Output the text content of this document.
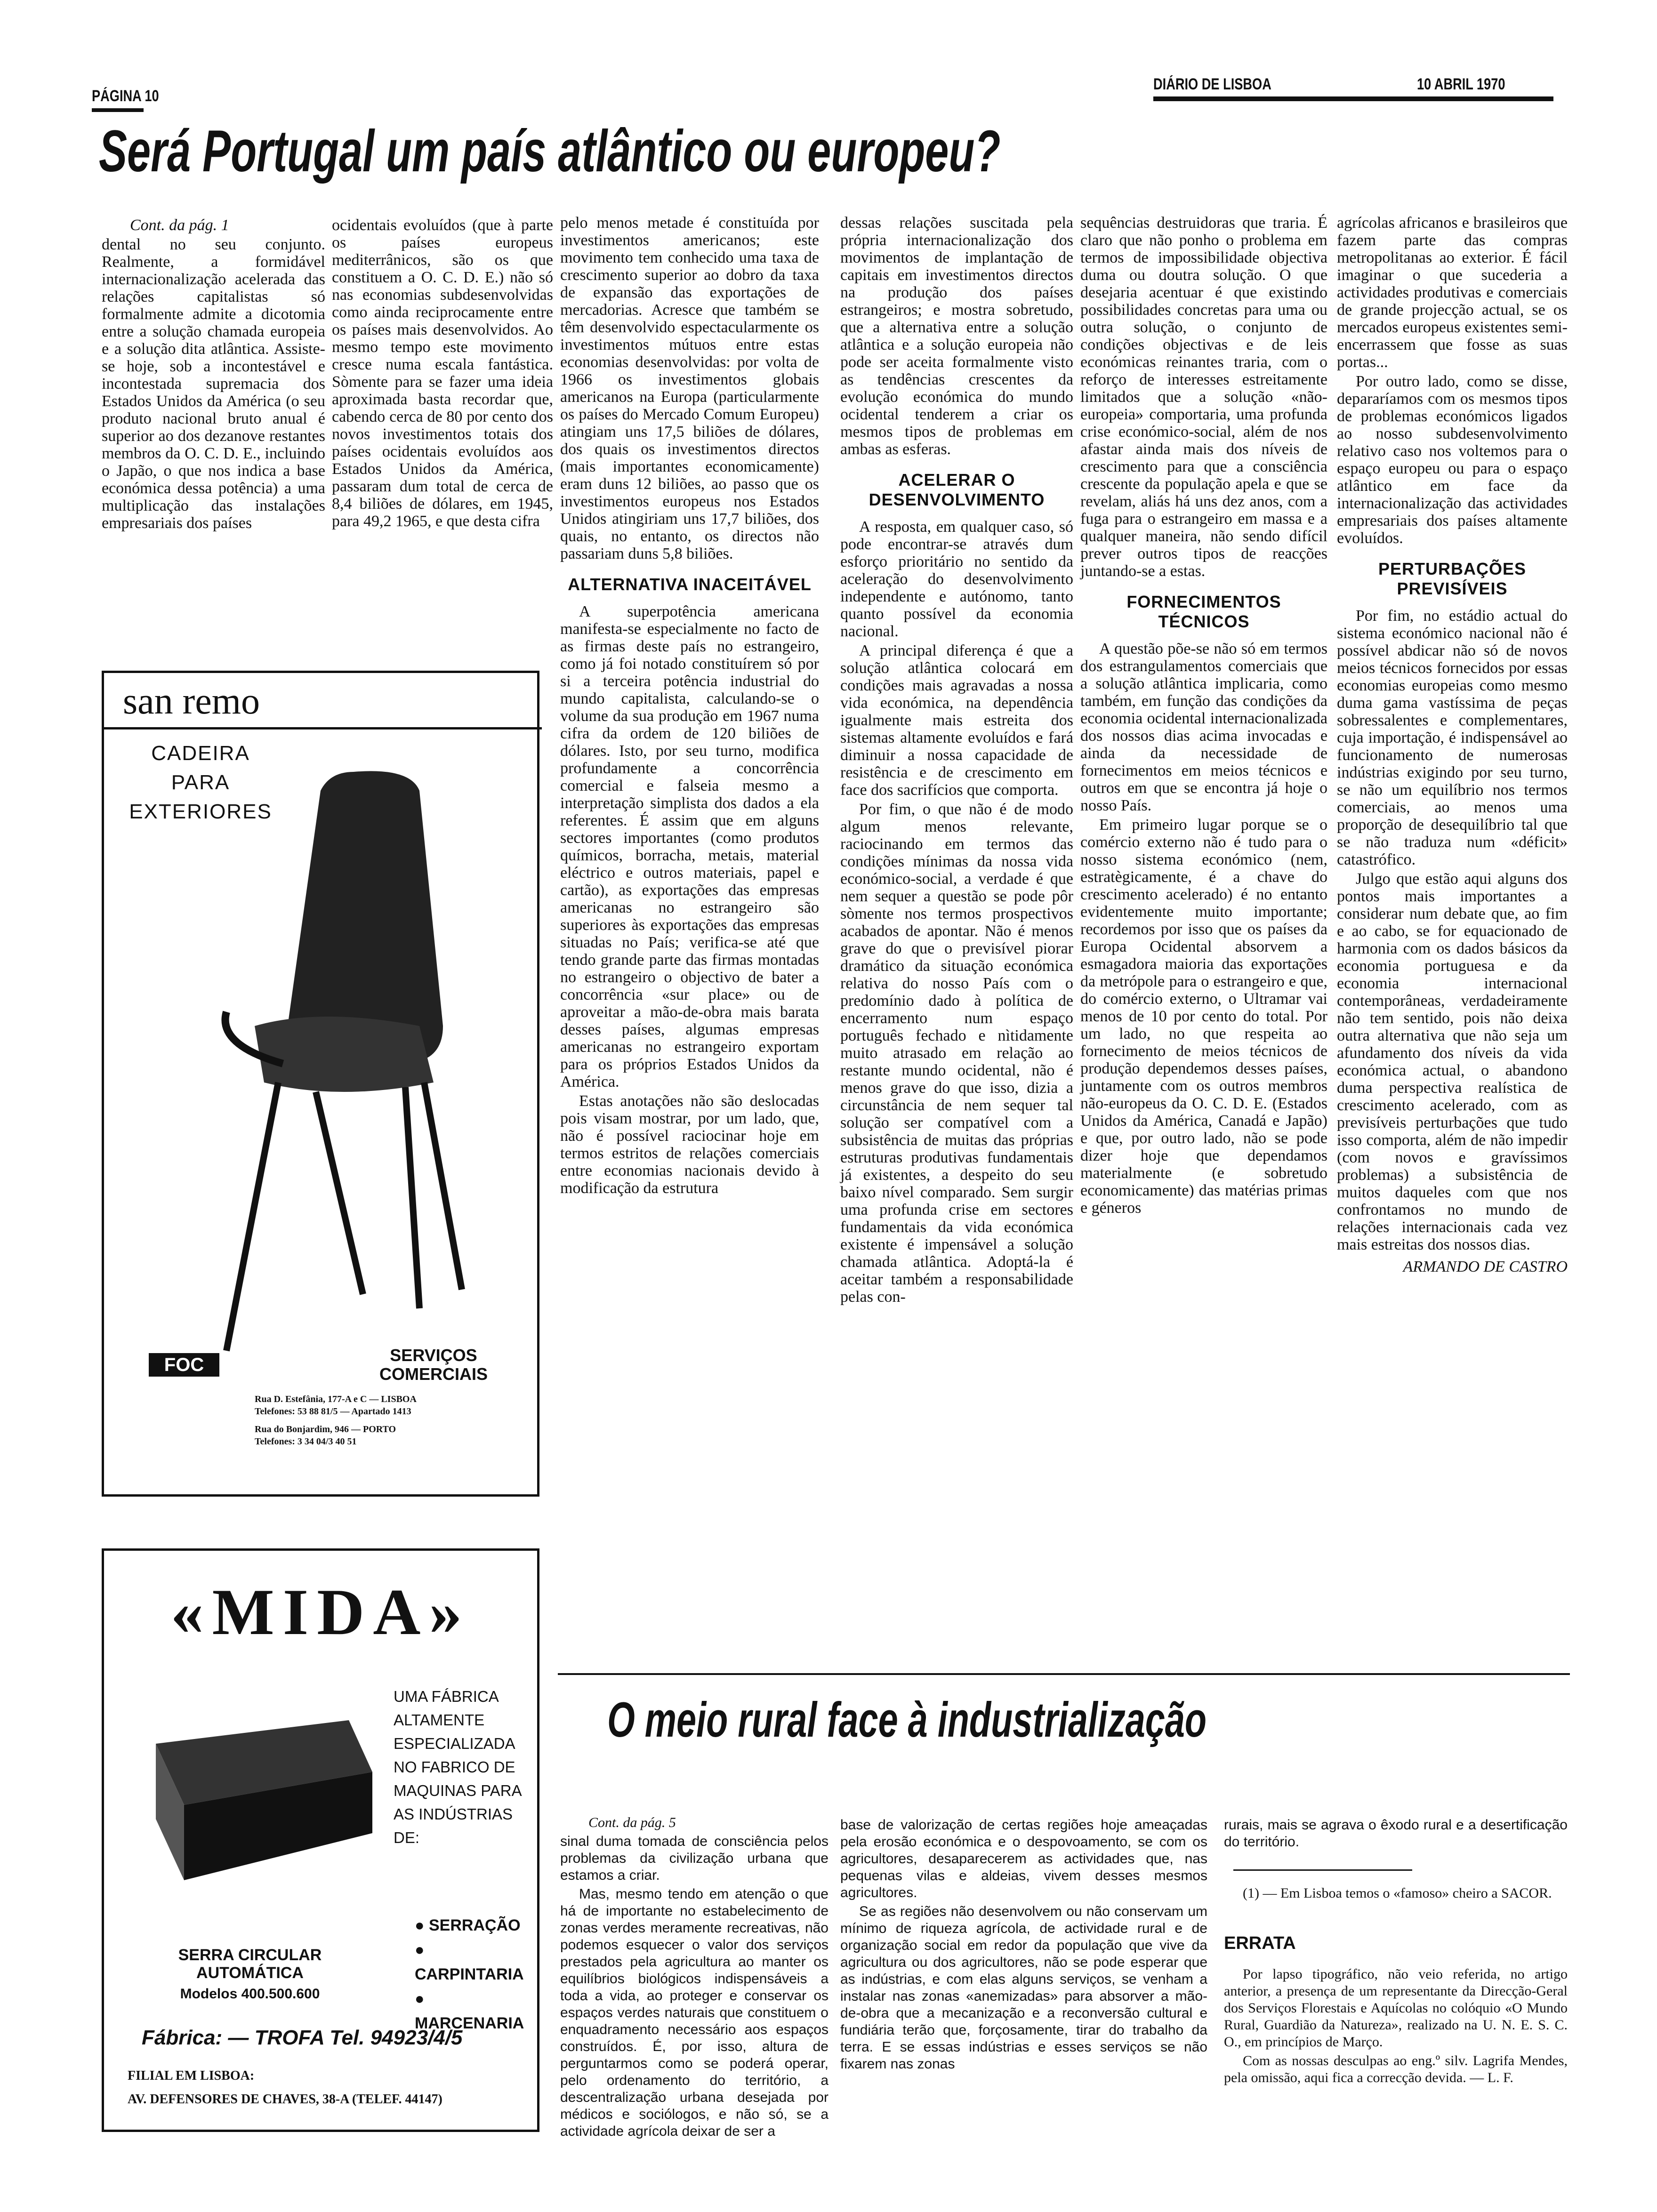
PÁGINA 10
DIÁRIO DE LISBOA	10 ABRIL 1970
Será Portugal um país atlântico ou europeu?

Cont. da pág. 1

dental no seu conjunto. Realmente, a formidável internacionalização acelerada das relações capitalistas só formalmente admite a dicotomia entre a solução chamada europeia e a solução dita atlântica. Assiste-se hoje, sob a incontestável e incontestada supremacia dos Estados Unidos da América (o seu produto nacional bruto anual é superior ao dos dezanove restantes membros da O. C. D. E., incluindo o Japão, o que nos indica a base económica dessa potência) a uma multiplicação das instalações empresariais dos países

ocidentais evoluídos (que à parte os países europeus mediterrânicos, são os que constituem a O. C. D. E.) não só nas economias subdesenvolvidas como ainda reciprocamente entre os países mais desenvolvidos. Ao mesmo tempo este movimento cresce numa escala fantástica. Sòmente para se fazer uma ideia aproximada basta recordar que, cabendo cerca de 80 por cento dos novos investimentos totais dos países ocidentais evoluídos aos Estados Unidos da América, passaram dum total de cerca de 8,4 biliões de dólares, em 1945, para 49,2 1965, e que desta cifra

pelo menos metade é constituída por investimentos americanos; este movimento tem conhecido uma taxa de crescimento superior ao dobro da taxa de expansão das exportações de mercadorias. Acresce que também se têm desenvolvido espectacularmente os investimentos mútuos entre estas economias desenvolvidas: por volta de 1966 os investimentos globais americanos na Europa (particularmente os países do Mercado Comum Europeu) atingiam uns 17,5 biliões de dólares, dos quais os investimentos directos (mais importantes economicamente) eram duns 12 biliões, ao passo que os investimentos europeus nos Estados Unidos atingiriam uns 17,7 biliões, dos quais, no entanto, os directos não passariam duns 5,8 biliões.

ALTERNATIVA INACEITÁVEL

A superpotência americana manifesta-se especialmente no facto de as firmas deste país no estrangeiro, como já foi notado constituírem só por si a terceira potência industrial do mundo capitalista, calculando-se o volume da sua produção em 1967 numa cifra da ordem de 120 biliões de dólares. Isto, por seu turno, modifica profundamente a concorrência comercial e falseia mesmo a interpretação simplista dos dados a ela referentes. É assim que em alguns sectores importantes (como produtos químicos, borracha, metais, material eléctrico e outros materiais, papel e cartão), as exportações das empresas americanas no estrangeiro são superiores às exportações das empresas situadas no País; verifica-se até que tendo grande parte das firmas montadas no estrangeiro o objectivo de bater a concorrência «sur place» ou de aproveitar a mão-de-obra mais barata desses países, algumas empresas americanas no estrangeiro exportam para os próprios Estados Unidos da América.

Estas anotações não são deslocadas pois visam mostrar, por um lado, que, não é possível raciocinar hoje em termos estritos de relações comerciais entre economias nacionais devido à modificação da estrutura

dessas relações suscitada pela própria internacionalização dos movimentos de implantação de capitais em investimentos directos na produção dos países estrangeiros; e mostra sobretudo, que a alternativa entre a solução atlântica e a solução europeia não pode ser aceita formalmente visto as tendências crescentes da evolução económica do mundo ocidental tenderem a criar os mesmos tipos de problemas em ambas as esferas.

ACELERAR O DESENVOLVIMENTO

A resposta, em qualquer caso, só pode encontrar-se através dum esforço prioritário no sentido da aceleração do desenvolvimento independente e autónomo, tanto quanto possível da economia nacional.

A principal diferença é que a solução atlântica colocará em condições mais agravadas a nossa vida económica, na dependência igualmente mais estreita dos sistemas altamente evoluídos e fará diminuir a nossa capacidade de resistência e de crescimento em face dos sacrifícios que comporta.

Por fim, o que não é de modo algum menos relevante, raciocinando em termos das condições mínimas da nossa vida económico-social, a verdade é que nem sequer a questão se pode pôr sòmente nos termos prospectivos acabados de apontar. Não é menos grave do que o previsível piorar dramático da situação económica relativa do nosso País com o predomínio dado à política de encerramento num espaço português fechado e nìtidamente muito atrasado em relação ao restante mundo ocidental, não é menos grave do que isso, dizia a circunstância de nem sequer tal solução ser compatível com a subsistência de muitas das próprias estruturas produtivas fundamentais já existentes, a despeito do seu baixo nível comparado. Sem surgir uma profunda crise em sectores fundamentais da vida económica existente é impensável a solução chamada atlântica. Adoptá-la é aceitar também a responsabilidade pelas con-

sequências destruidoras que traria. É claro que não ponho o problema em termos de impossibilidade objectiva duma ou doutra solução. O que desejaria acentuar é que existindo possibilidades concretas para uma ou outra solução, o conjunto de condições objectivas e de leis económicas reinantes traria, com o reforço de interesses estreitamente limitados que a solução «não-europeia» comportaria, uma profunda crise económico-social, além de nos afastar ainda mais dos níveis de crescimento para que a consciência crescente da população apela e que se revelam, aliás há uns dez anos, com a fuga para o estrangeiro em massa e a qualquer maneira, não sendo difícil prever outros tipos de reacções juntando-se a estas.

FORNECIMENTOS TÉCNICOS

A questão põe-se não só em termos dos estrangulamentos comerciais que a solução atlântica implicaria, como também, em função das condições da economia ocidental internacionalizada dos nossos dias acima invocadas e ainda da necessidade de fornecimentos em meios técnicos e outros em que se encontra já hoje o nosso País.

Em primeiro lugar porque se o comércio externo não é tudo para o nosso sistema económico (nem, estratègicamente, é a chave do crescimento acelerado) é no entanto evidentemente muito importante; recordemos por isso que os países da Europa Ocidental absorvem a esmagadora maioria das exportações da metrópole para o estrangeiro e que, do comércio externo, o Ultramar vai menos de 10 por cento do total. Por um lado, no que respeita ao fornecimento de meios técnicos de produção dependemos desses países, juntamente com os outros membros não-europeus da O. C. D. E. (Estados Unidos da América, Canadá e Japão) e que, por outro lado, não se pode dizer hoje que dependamos materialmente (e sobretudo economicamente) das matérias primas e géneros

agrícolas africanos e brasileiros que fazem parte das compras metropolitanas ao exterior. É fácil imaginar o que sucederia a actividades produtivas e comerciais de grande projecção actual, se os mercados europeus existentes semi-encerrassem que fosse as suas portas...

Por outro lado, como se disse, depararíamos com os mesmos tipos de problemas económicos ligados ao nosso subdesenvolvimento relativo caso nos voltemos para o espaço europeu ou para o espaço atlântico em face da internacionalização das actividades empresariais dos países altamente evoluídos.

PERTURBAÇÕES PREVISÍVEIS

Por fim, no estádio actual do sistema económico nacional não é possível abdicar não só de novos meios técnicos fornecidos por essas economias europeias como mesmo duma gama vastíssima de peças sobressalentes e complementares, cuja importação, é indispensável ao funcionamento de numerosas indústrias exigindo por seu turno, se não um equilíbrio nos termos comerciais, ao menos uma proporção de desequilíbrio tal que se não traduza num «déficit» catastrófico.

Julgo que estão aqui alguns dos pontos mais importantes a considerar num debate que, ao fim e ao cabo, se for equacionado de harmonia com os dados básicos da economia portuguesa e da economia internacional contemporâneas, verdadeiramente não tem sentido, pois não deixa outra alternativa que não seja um afundamento dos níveis da vida económica actual, o abandono duma perspectiva realística de crescimento acelerado, com as previsíveis perturbações que tudo isso comporta, além de não impedir (com novos e gravíssimos problemas) a subsistência de muitos daqueles com que nos confrontamos no mundo de relações internacionais cada vez mais estreitas dos nossos dias.

ARMANDO DE CASTRO
san remo
CADEIRA PARA EXTERIORES
FOC	SERVIÇOS COMERCIAIS
Rua D. Estefânia, 177-A e C — LISBOA
Telefones: 53 88 81/5 — Apartado 1413
Rua do Bonjardim, 946 — PORTO
Telefones: 3 34 04/3 40 51
«MIDA»
UMA FÁBRICA ALTAMENTE ESPECIALIZADA NO FABRICO DE MAQUINAS PARA AS INDÚSTRIAS DE:
● SERRAÇÃO
● CARPINTARIA
● MARCENARIA
SERRA CIRCULAR AUTOMÁTICA
Modelos 400.500.600
Fábrica: — TROFA Tel. 94923/4/5
FILIAL EM LISBOA:
AV. DEFENSORES DE CHAVES, 38-A (TELEF. 44147)
O meio rural face à industrialização

Cont. da pág. 5

sinal duma tomada de consciência pelos problemas da civilização urbana que estamos a criar.

Mas, mesmo tendo em atenção o que há de importante no estabelecimento de zonas verdes meramente recreativas, não podemos esquecer o valor dos serviços prestados pela agricultura ao manter os equilíbrios biológicos indispensáveis a toda a vida, ao proteger e conservar os espaços verdes naturais que constituem o enquadramento necessário aos espaços construídos. É, por isso, altura de perguntarmos como se poderá operar, pelo ordenamento do território, a descentralização urbana desejada por médicos e sociólogos, e não só, se a actividade agrícola deixar de ser a

base de valorização de certas regiões hoje ameaçadas pela erosão económica e o despovoamento, se com os agricultores, desaparecerem as actividades que, nas pequenas vilas e aldeias, vivem desses mesmos agricultores.

Se as regiões não desenvolvem ou não conservam um mínimo de riqueza agrícola, de actividade rural e de organização social em redor da população que vive da agricultura ou dos agricultores, não se pode esperar que as indústrias, e com elas alguns serviços, se venham a instalar nas zonas «anemizadas» para absorver a mão-de-obra que a mecanização e a reconversão cultural e fundiária terão que, forçosamente, tirar do trabalho da terra. E se essas indústrias e esses serviços se não fixarem nas zonas

rurais, mais se agrava o êxodo rural e a desertificação do território.

(1) — Em Lisboa temos o «famoso» cheiro a SACOR.

ERRATA

Por lapso tipográfico, não veio referida, no artigo anterior, a presença de um representante da Direcção-Geral dos Serviços Florestais e Aquícolas no colóquio «O Mundo Rural, Guardião da Natureza», realizado na U. N. E. S. C. O., em princípios de Março.

Com as nossas desculpas ao eng.º silv. Lagrifa Mendes, pela omissão, aqui fica a correcção devida. — L. F.
